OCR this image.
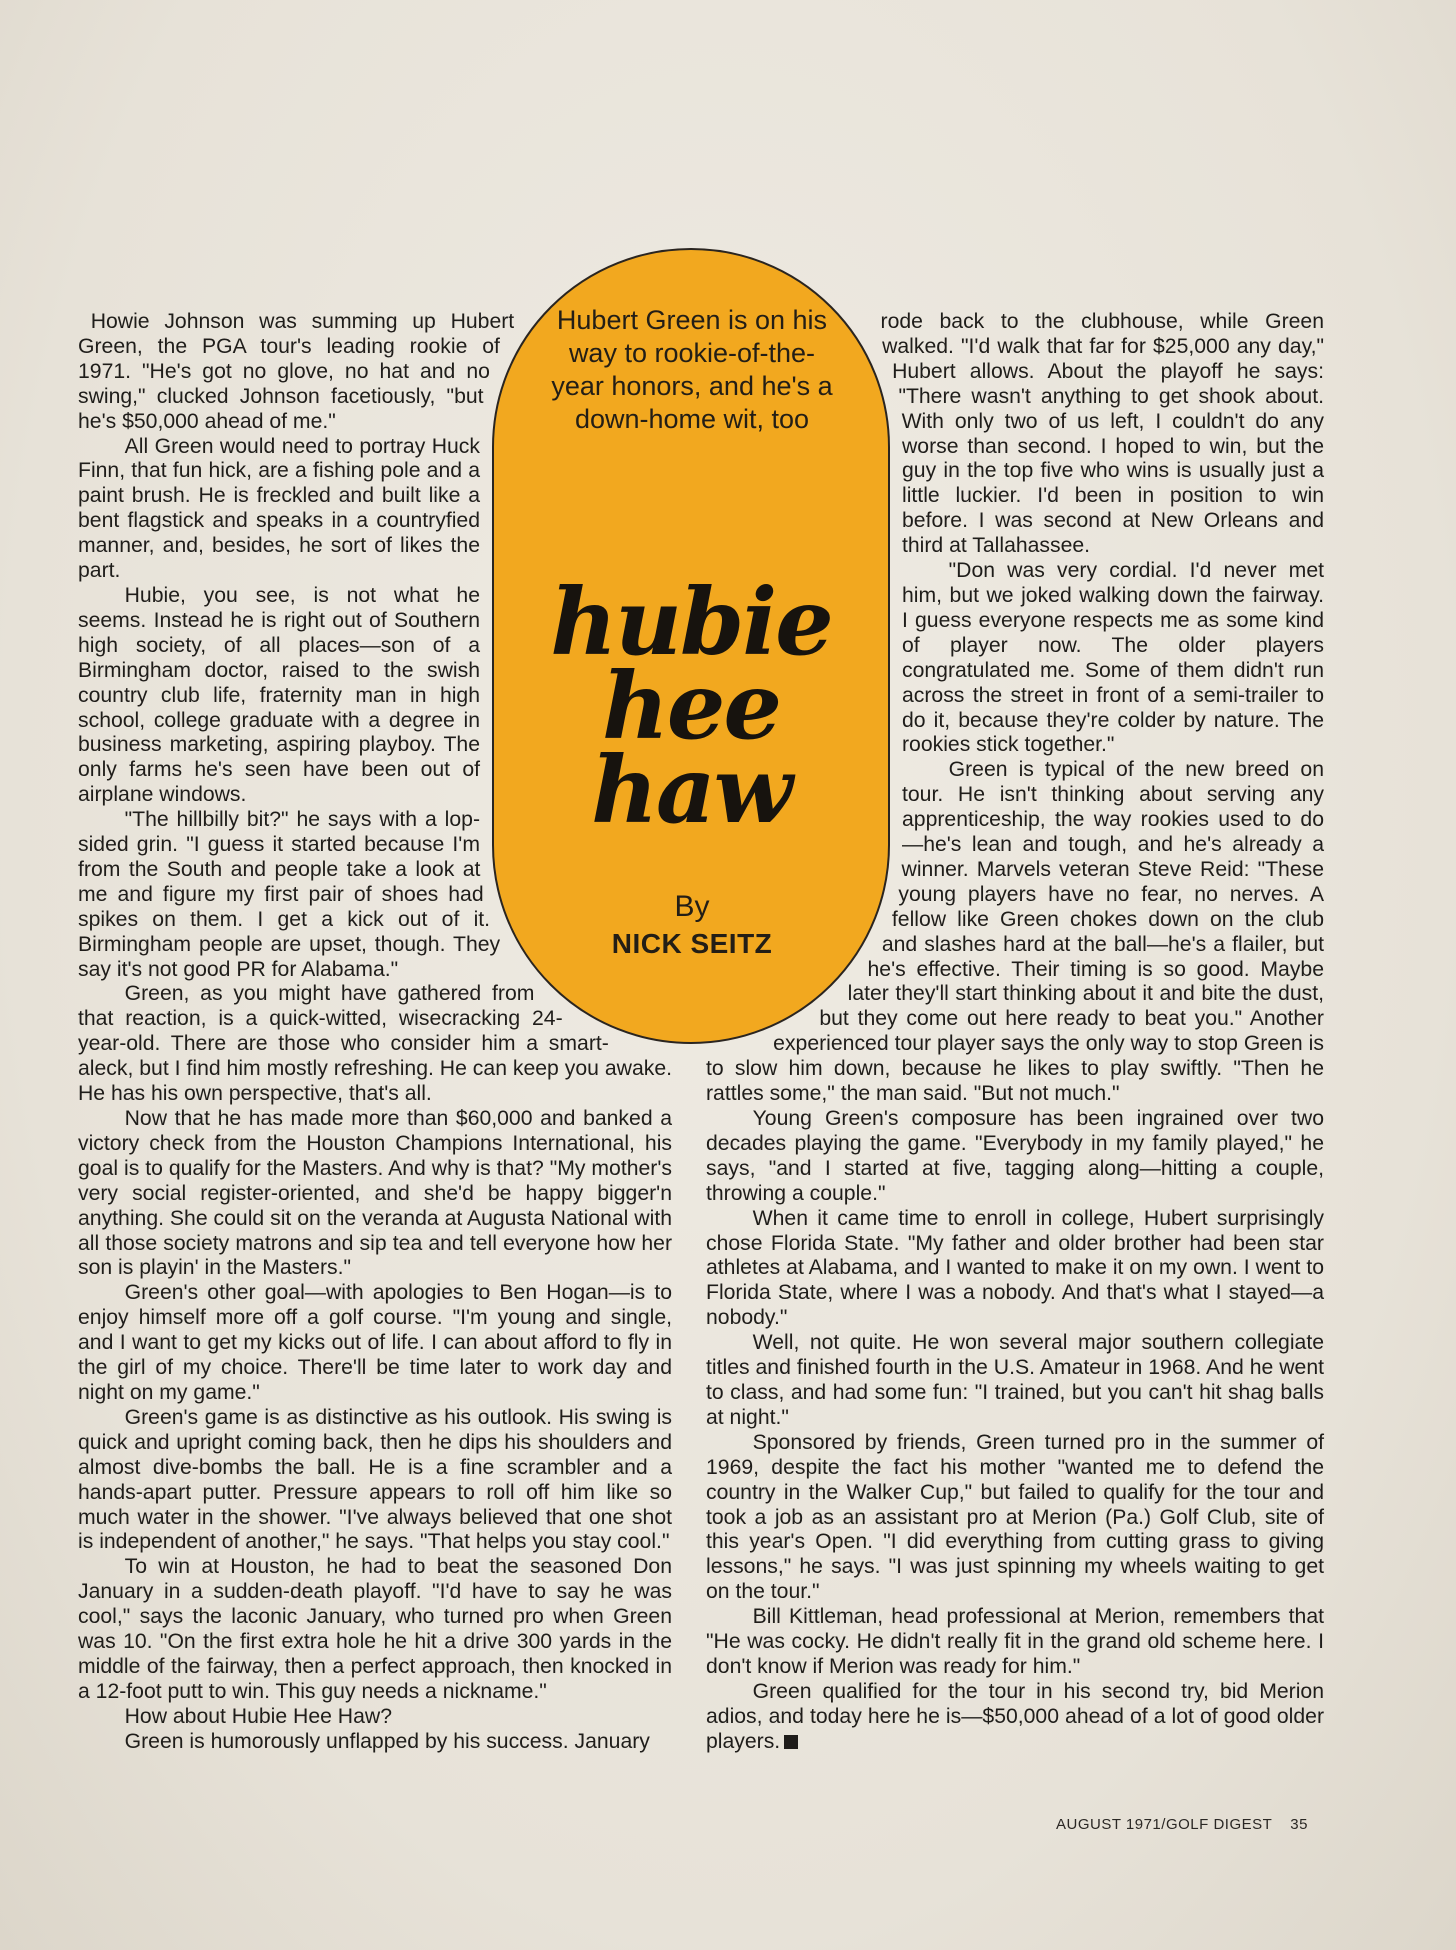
Hubert Green is on his way to rookie-of-the-year honors, and he's a down-home wit, too
hubie
hee
haw
By
NICK SEITZ

Howie Johnson was summing up Hubert Green, the PGA tour's leading rookie of 1971. "He's got no glove, no hat and no swing," clucked Johnson facetiously, "but he's $50,000 ahead of me."

All Green would need to portray Huck Finn, that fun hick, are a fishing pole and a paint brush. He is freckled and built like a bent flagstick and speaks in a countryfied manner, and, besides, he sort of likes the part.

Hubie, you see, is not what he seems. Instead he is right out of Southern high society, of all places—son of a Birmingham doctor, raised to the swish country club life, fraternity man in high school, college graduate with a degree in business marketing, aspiring playboy. The only farms he's seen have been out of airplane windows.

"The hillbilly bit?" he says with a lop-sided grin. "I guess it started because I'm from the South and people take a look at me and figure my first pair of shoes had spikes on them. I get a kick out of it. Birmingham people are upset, though. They say it's not good PR for Alabama."

Green, as you might have gathered from that reaction, is a quick-witted, wisecracking 24-year-old. There are those who consider him a smart-aleck, but I find him mostly refreshing. He can keep you awake. He has his own perspective, that's all.

Now that he has made more than $60,000 and banked a victory check from the Houston Champions International, his goal is to qualify for the Masters. And why is that? "My mother's very social register-oriented, and she'd be happy bigger'n anything. She could sit on the veranda at Augusta National with all those society matrons and sip tea and tell everyone how her son is playin' in the Masters."

Green's other goal—with apologies to Ben Hogan—is to enjoy himself more off a golf course. "I'm young and single, and I want to get my kicks out of life. I can about afford to fly in the girl of my choice. There'll be time later to work day and night on my game."

Green's game is as distinctive as his outlook. His swing is quick and upright coming back, then he dips his shoulders and almost dive-bombs the ball. He is a fine scrambler and a hands-apart putter. Pressure appears to roll off him like so much water in the shower. "I've always believed that one shot is independent of another," he says. "That helps you stay cool."

To win at Houston, he had to beat the seasoned Don January in a sudden-death playoff. "I'd have to say he was cool," says the laconic January, who turned pro when Green was 10. "On the first extra hole he hit a drive 300 yards in the middle of the fairway, then a perfect approach, then knocked in a 12-foot putt to win. This guy needs a nickname."

How about Hubie Hee Haw?

Green is humorously unflapped by his success. January

rode back to the clubhouse, while Green walked. "I'd walk that far for $25,000 any day," Hubert allows. About the playoff he says: "There wasn't anything to get shook about. With only two of us left, I couldn't do any worse than second. I hoped to win, but the guy in the top five who wins is usually just a little luckier. I'd been in position to win before. I was second at New Orleans and third at Tallahassee.

"Don was very cordial. I'd never met him, but we joked walking down the fairway. I guess everyone respects me as some kind of player now. The older players congratulated me. Some of them didn't run across the street in front of a semi-trailer to do it, because they're colder by nature. The rookies stick together."

Green is typical of the new breed on tour. He isn't thinking about serving any apprenticeship, the way rookies used to do—he's lean and tough, and he's already a winner. Marvels veteran Steve Reid: "These young players have no fear, no nerves. A fellow like Green chokes down on the club and slashes hard at the ball—he's a flailer, but he's effective. Their timing is so good. Maybe later they'll start thinking about it and bite the dust, but they come out here ready to beat you." Another experienced tour player says the only way to stop Green is to slow him down, because he likes to play swiftly. "Then he rattles some," the man said. "But not much."

Young Green's composure has been ingrained over two decades playing the game. "Everybody in my family played," he says, "and I started at five, tagging along—hitting a couple, throwing a couple."

When it came time to enroll in college, Hubert surprisingly chose Florida State. "My father and older brother had been star athletes at Alabama, and I wanted to make it on my own. I went to Florida State, where I was a nobody. And that's what I stayed—a nobody."

Well, not quite. He won several major southern collegiate titles and finished fourth in the U.S. Amateur in 1968. And he went to class, and had some fun: "I trained, but you can't hit shag balls at night."

Sponsored by friends, Green turned pro in the summer of 1969, despite the fact his mother "wanted me to defend the country in the Walker Cup," but failed to qualify for the tour and took a job as an assistant pro at Merion (Pa.) Golf Club, site of this year's Open. "I did everything from cutting grass to giving lessons," he says. "I was just spinning my wheels waiting to get on the tour."

Bill Kittleman, head professional at Merion, remembers that "He was cocky. He didn't really fit in the grand old scheme here. I don't know if Merion was ready for him."

Green qualified for the tour in his second try, bid Merion adios, and today here he is—$50,000 ahead of a lot of good older players.

AUGUST 1971/GOLF DIGEST 35
